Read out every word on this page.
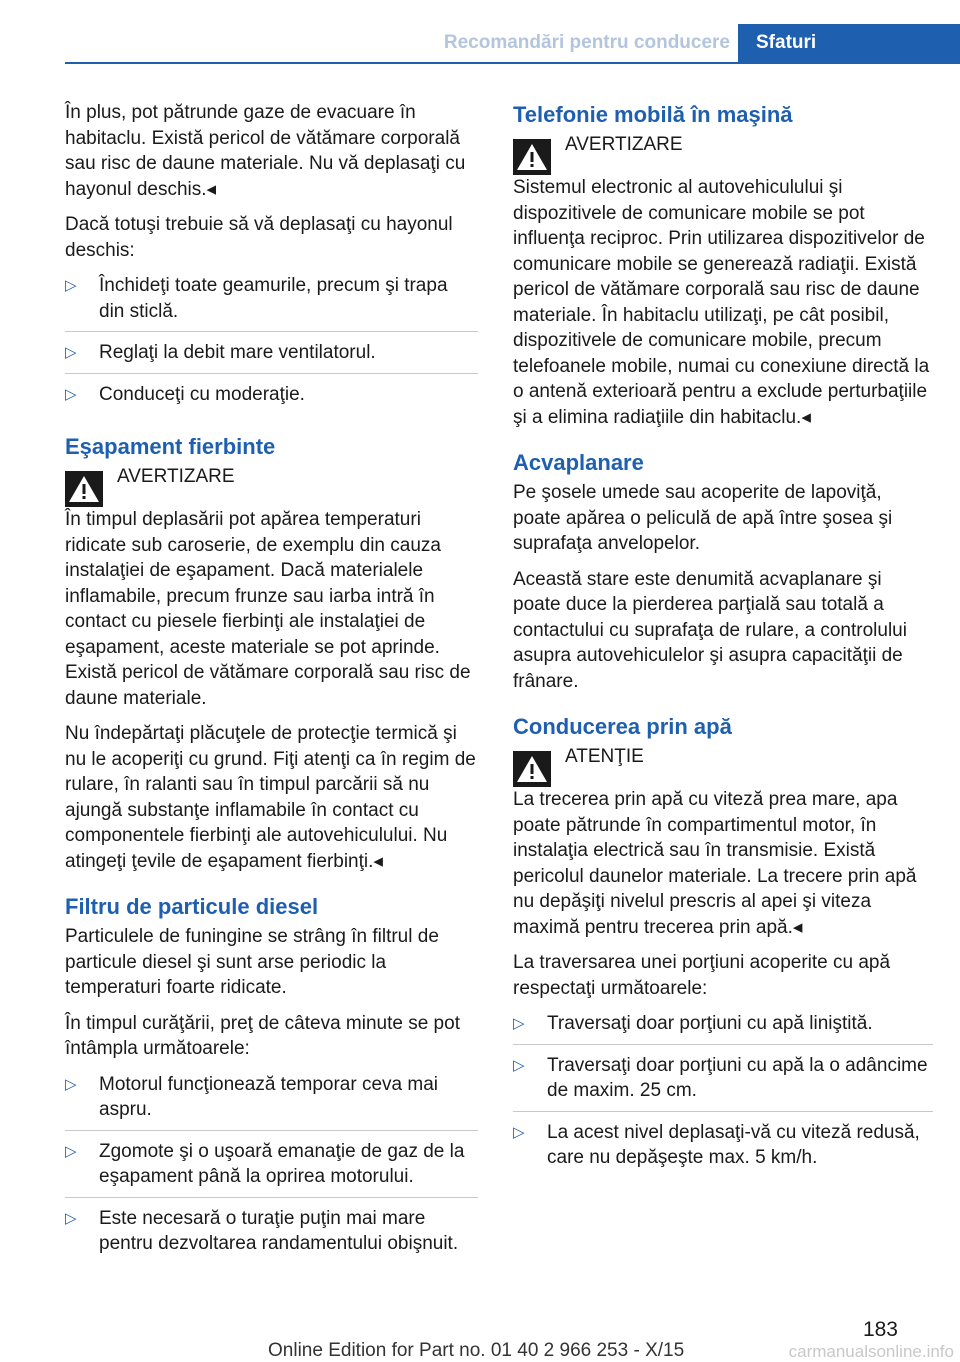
Recomandări pentru conducere	Sfaturi

În plus, pot pătrunde gaze de evacuare în habitaclu. Există pericol de vătămare corporală sau risc de daune materiale. Nu vă deplasaţi cu hayonul deschis.◂

Dacă totuşi trebuie să vă deplasaţi cu hayonul deschis:

▷ Închideţi toate geamurile, precum şi trapa din sticlă.
▷ Reglaţi la debit mare ventilatorul.
▷ Conduceţi cu moderaţie.
Eşapament fierbinte
AVERTIZARE
În timpul deplasării pot apărea temperaturi ridicate sub caroserie, de exemplu din cauza instalaţiei de eşapament. Dacă materialele inflamabile, precum frunze sau iarba intră în contact cu piesele fierbinţi ale instalaţiei de eşapament, aceste materiale se pot aprinde. Există pericol de vătămare corporală sau risc de daune materiale.

Nu îndepărtaţi plăcuţele de protecţie termică şi nu le acoperiţi cu grund. Fiţi atenţi ca în regim de rulare, în ralanti sau în timpul parcării să nu ajungă substanţe inflamabile în contact cu componentele fierbinţi ale autovehiculului. Nu atingeţi ţevile de eşapament fierbinţi.◂

Filtru de particule diesel

Particulele de funingine se strâng în filtrul de particule diesel şi sunt arse periodic la temperaturi foarte ridicate.

În timpul curăţării, preţ de câteva minute se pot întâmpla următoarele:

▷ Motorul funcţionează temporar ceva mai aspru.
▷ Zgomote şi o uşoară emanaţie de gaz de la eşapament până la oprirea motorului.
▷ Este necesară o turaţie puţin mai mare pentru dezvoltarea randamentului obişnuit.
Telefonie mobilă în maşină
AVERTIZARE
Sistemul electronic al autovehiculului şi dispozitivele de comunicare mobile se pot influenţa reciproc. Prin utilizarea dispozitivelor de comunicare mobile se generează radiaţii. Există pericol de vătămare corporală sau risc de daune materiale. În habitaclu utilizaţi, pe cât posibil, dispozitivele de comunicare mobile, precum telefoanele mobile, numai cu conexiune directă la o antenă exterioară pentru a exclude perturbaţiile şi a elimina radiaţiile din habitaclu.◂
Acvaplanare

Pe şosele umede sau acoperite de lapoviţă, poate apărea o peliculă de apă între şosea şi suprafaţa anvelopelor.

Această stare este denumită acvaplanare şi poate duce la pierderea parţială sau totală a contactului cu suprafaţa de rulare, a controlului asupra autovehiculelor şi asupra capacităţii de frânare.

Conducerea prin apă
ATENŢIE
La trecerea prin apă cu viteză prea mare, apa poate pătrunde în compartimentul motor, în instalaţia electrică sau în transmisie. Există pericolul daunelor materiale. La trecere prin apă nu depăşiţi nivelul prescris al apei şi viteza maximă pentru trecerea prin apă.◂

La traversarea unei porţiuni acoperite cu apă respectaţi următoarele:

▷ Traversaţi doar porţiuni cu apă liniştită.
▷ Traversaţi doar porţiuni cu apă la o adâncime de maxim. 25 cm.
▷ La acest nivel deplasaţi-vă cu viteză redusă, care nu depăşeşte max. 5 km/h.
183
Online Edition for Part no. 01 40 2 966 253 - X/15	carmanualsonline.info
